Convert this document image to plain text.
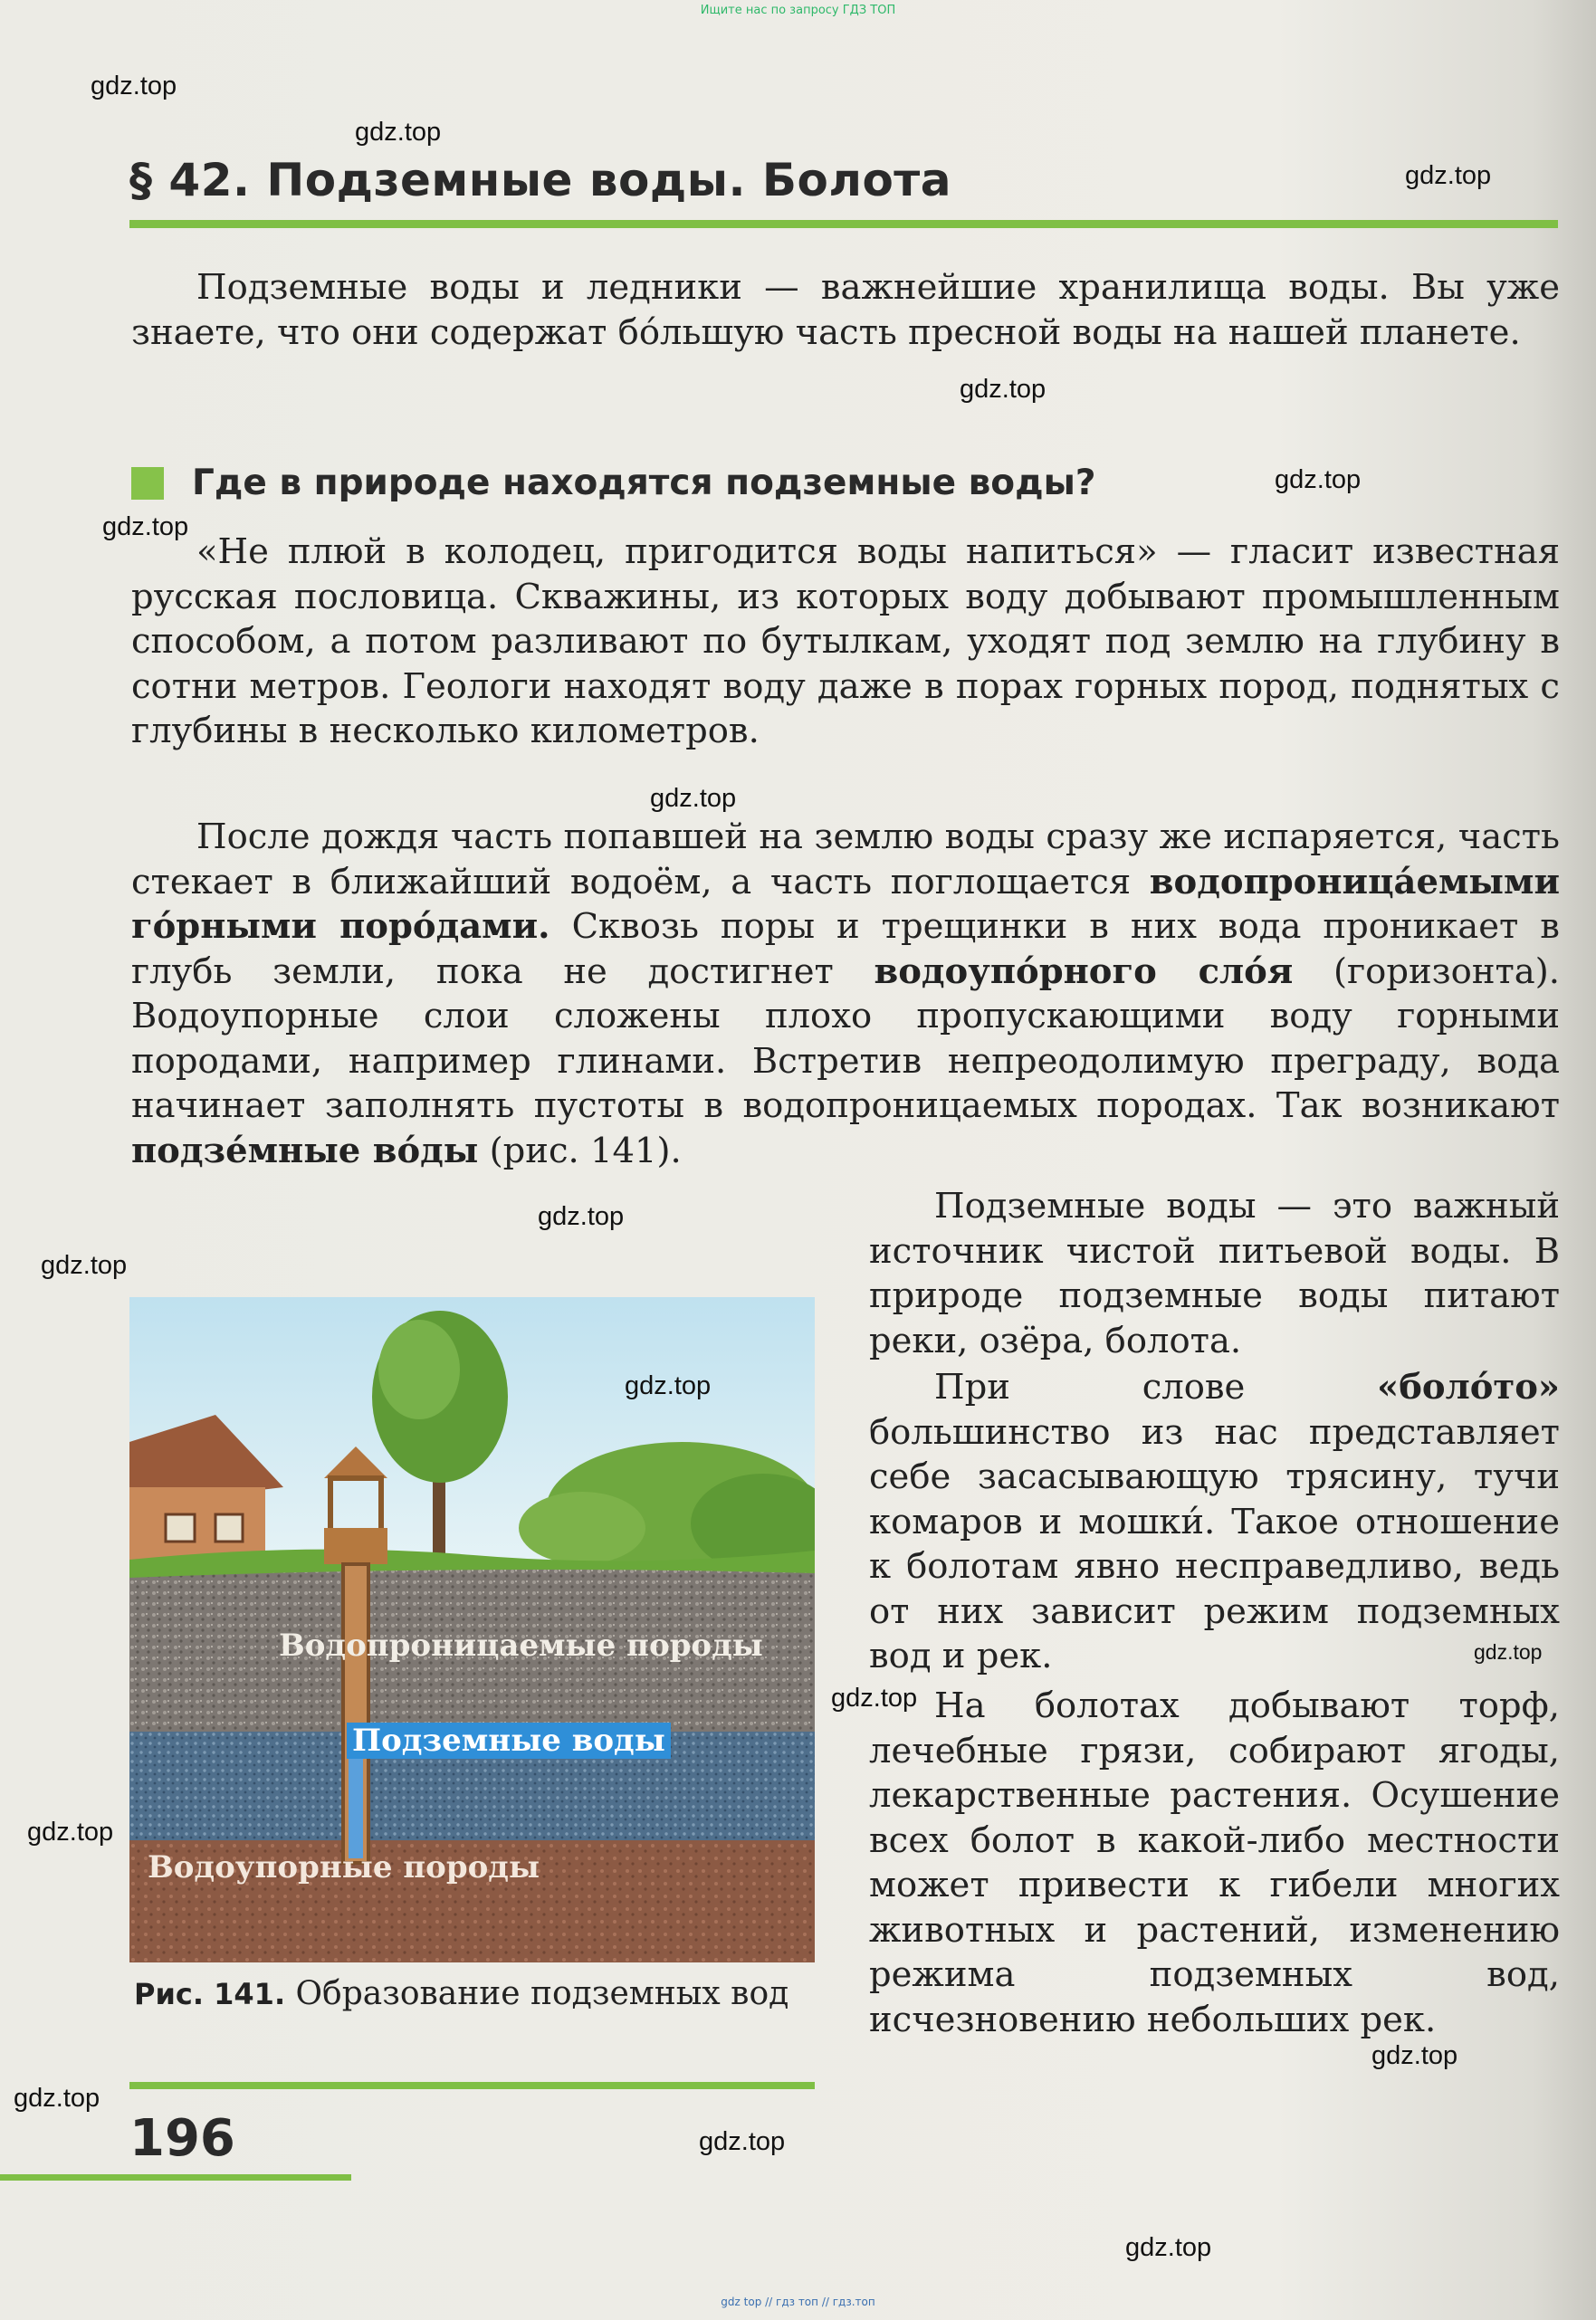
Ищите нас по запросу ГДЗ ТОП
§ 42. Подземные воды. Болота

Подземные воды и ледники — важнейшие хранилища воды. Вы уже знаете, что они содержат бо́льшую часть пресной воды на нашей планете.

Где в природе находятся подземные воды?

«Не плюй в колодец, пригодится воды напиться» — гласит известная русская пословица. Скважины, из которых воду добывают промышленным способом, а потом разливают по бутылкам, уходят под землю на глубину в сотни метров. Геологи находят воду даже в порах горных пород, поднятых с глубины в несколько километров.

После дождя часть попавшей на землю воды сразу же испаряется, часть стекает в ближайший водоём, а часть поглощается водопроница́емыми го́рными поро́дами. Сквозь поры и трещинки в них вода проникает в глубь земли, пока не достигнет водоупо́рного сло́я (горизонта). Водоупорные слои сложены плохо пропускающими воду горными породами, например глинами. Встретив непреодолимую преграду, вода начинает заполнять пустоты в водопроницаемых породах. Так возникают подзе́мные во́ды (рис. 141).

Подземные воды — это важный источник чистой питьевой воды. В природе подземные воды питают реки, озёра, болота.

При слове «боло́то» большинство из нас представляет себе засасывающую трясину, тучи комаров и мошки́. Такое отношение к болотам явно несправедливо, ведь от них зависит режим подземных вод и рек.

На болотах добывают торф, лечебные грязи, собирают ягоды, лекарственные растения. Осушение всех болот в какой-либо местности может привести к гибели многих животных и растений, изменению режима подземных вод, исчезновению небольших рек.

Водопроницаемые породы
Подземные воды
Водоупорные породы

Рис. 141. Образование подземных вод

196
gdz.top
gdz.top
gdz.top
gdz.top
gdz.top
gdz.top
gdz.top
gdz.top
gdz.top
gdz.top
gdz.top
gdz.top
gdz.top
gdz.top
gdz.top
gdz.top
gdz.top
gdz top // гдз топ // гдз.топ
